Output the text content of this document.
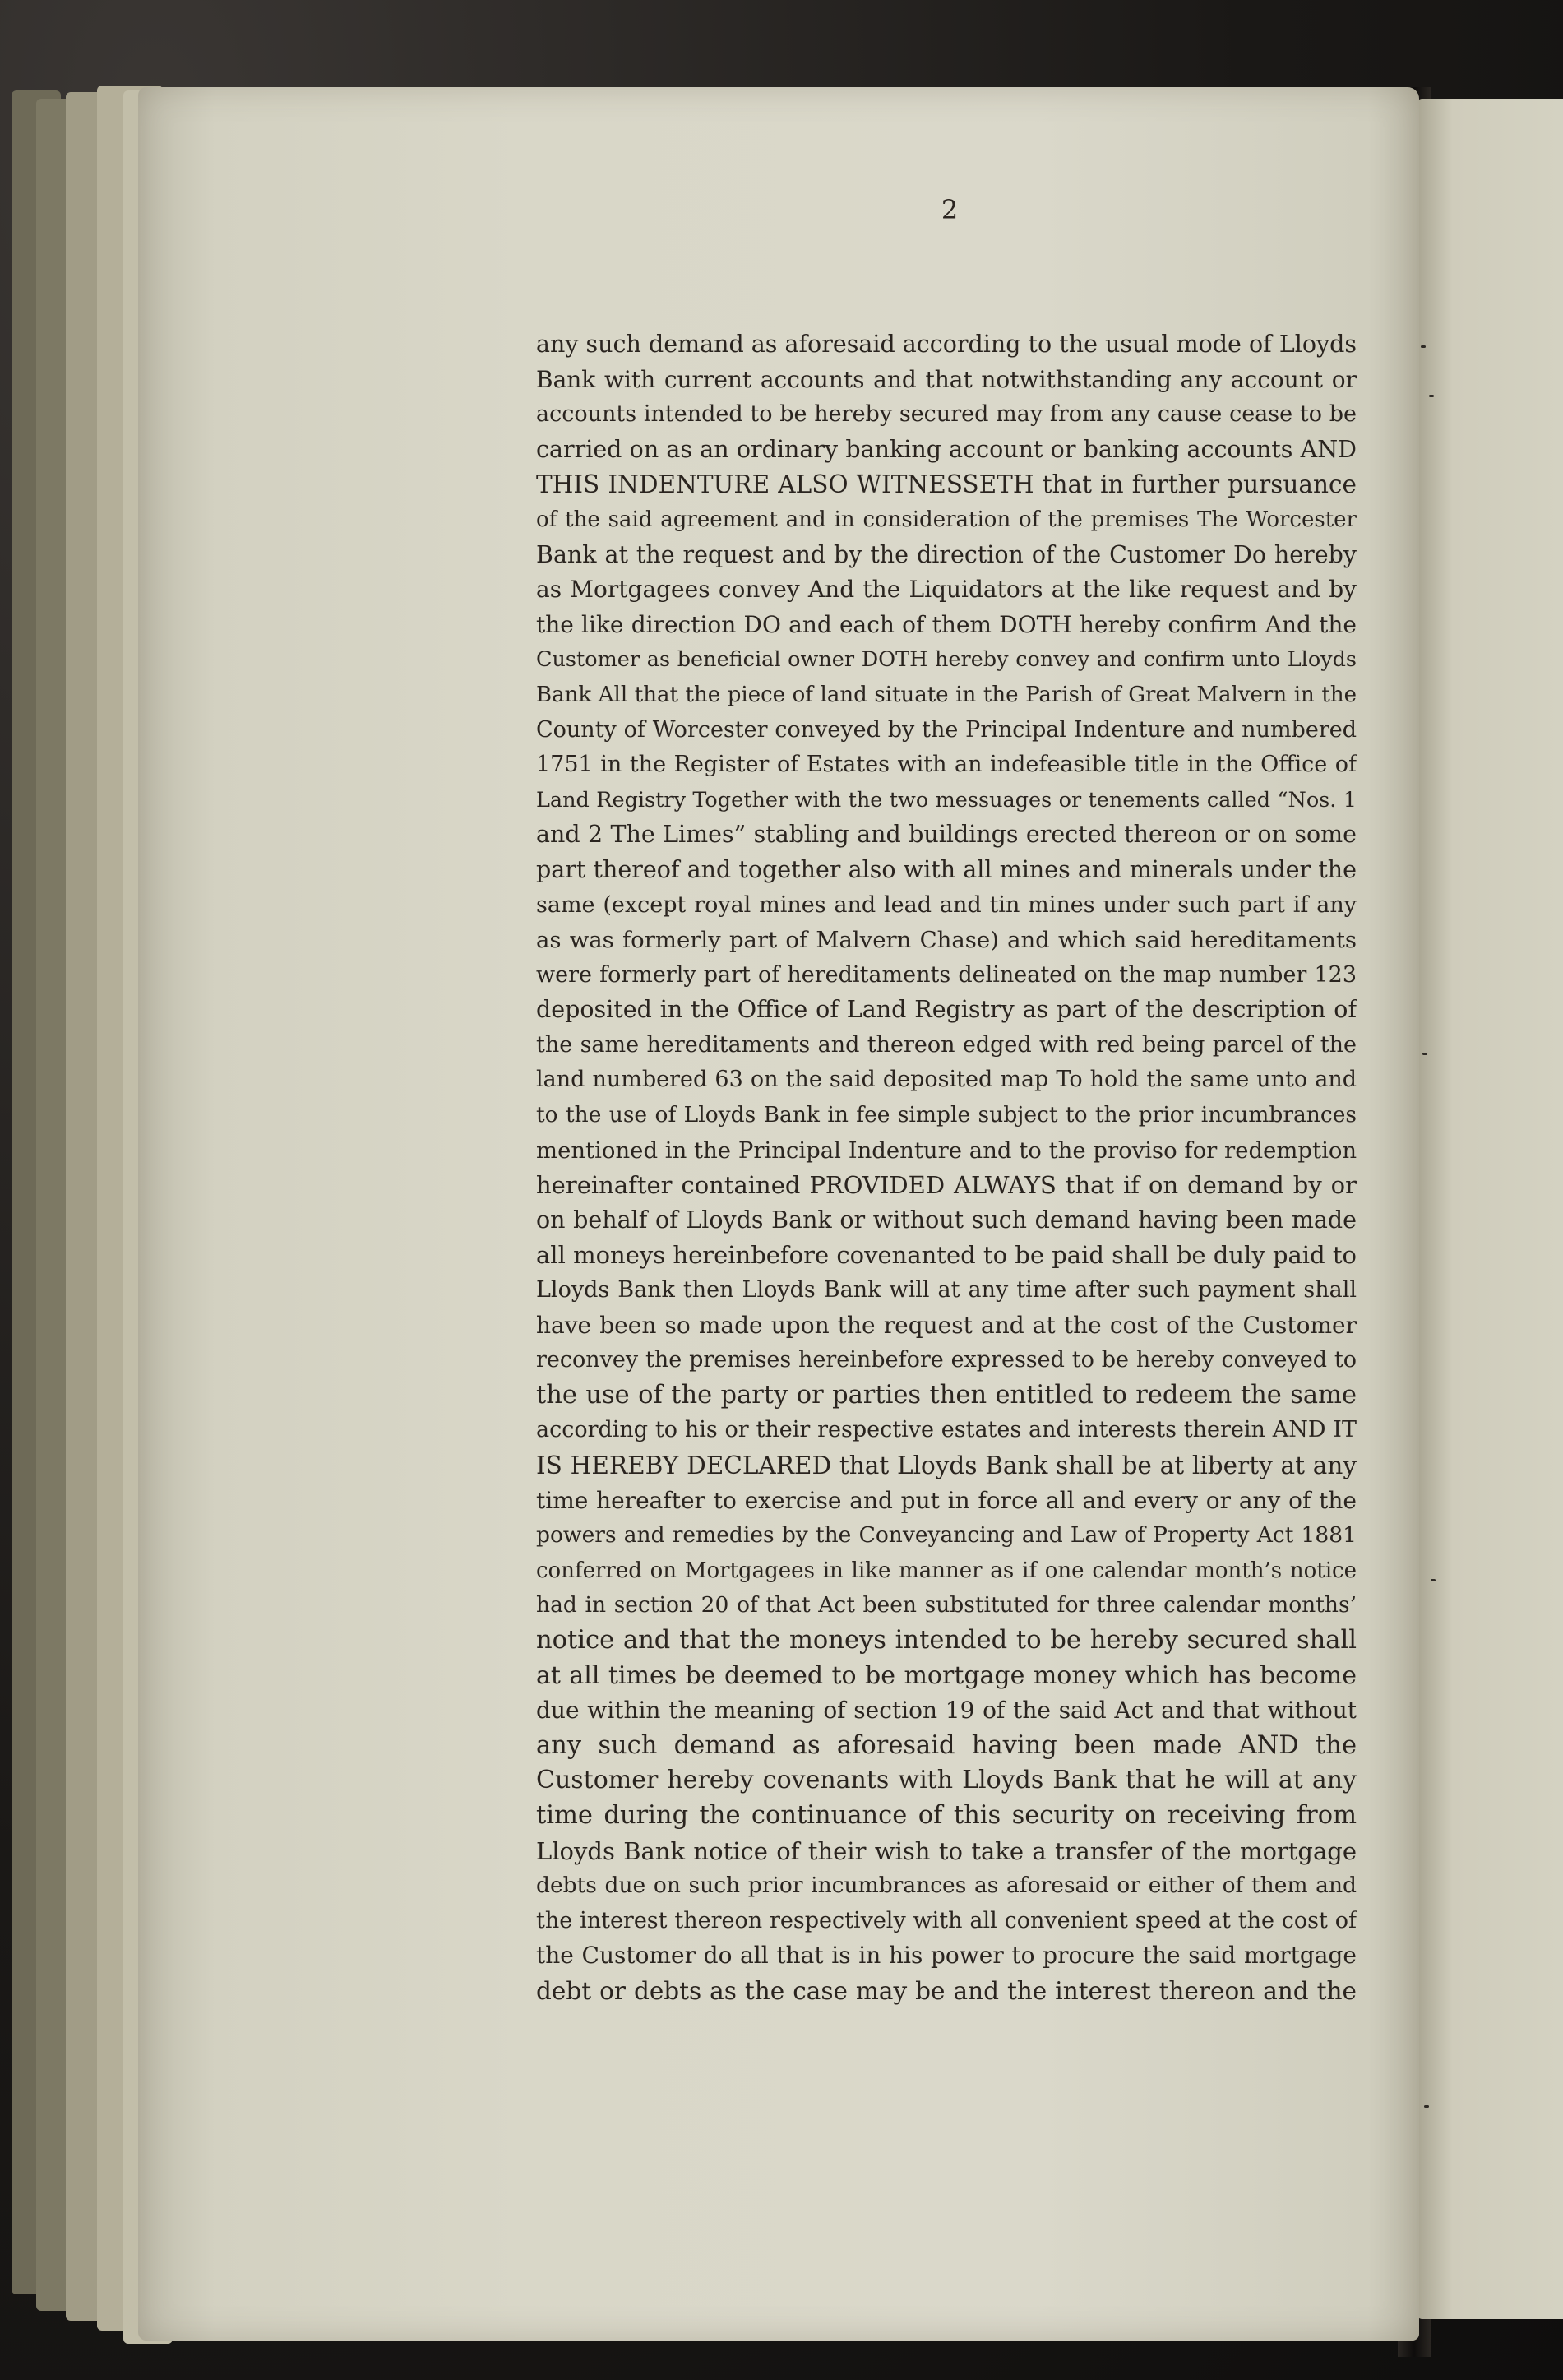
2
any such demand as aforesaid according to the usual mode of Lloyds
Bank with current accounts and that notwithstanding any account or
accounts intended to be hereby secured may from any cause cease to be
carried on as an ordinary banking account or banking accounts AND
THIS INDENTURE ALSO WITNESSETH that in further pursuance
of the said agreement and in consideration of the premises The Worcester
Bank at the request and by the direction of the Customer Do hereby
as Mortgagees convey And the Liquidators at the like request and by
the like direction DO and each of them DOTH hereby confirm And the
Customer as beneficial owner DOTH hereby convey and confirm unto Lloyds
Bank All that the piece of land situate in the Parish of Great Malvern in the
County of Worcester conveyed by the Principal Indenture and numbered
1751 in the Register of Estates with an indefeasible title in the Office of
Land Registry Together with the two messuages or tenements called “Nos. 1
and 2 The Limes” stabling and buildings erected thereon or on some
part thereof and together also with all mines and minerals under the
same (except royal mines and lead and tin mines under such part if any
as was formerly part of Malvern Chase) and which said hereditaments
were formerly part of hereditaments delineated on the map number 123
deposited in the Office of Land Registry as part of the description of
the same hereditaments and thereon edged with red being parcel of the
land numbered 63 on the said deposited map To hold the same unto and
to the use of Lloyds Bank in fee simple subject to the prior incumbrances
mentioned in the Principal Indenture and to the proviso for redemption
hereinafter contained PROVIDED ALWAYS that if on demand by or
on behalf of Lloyds Bank or without such demand having been made
all moneys hereinbefore covenanted to be paid shall be duly paid to
Lloyds Bank then Lloyds Bank will at any time after such payment shall
have been so made upon the request and at the cost of the Customer
reconvey the premises hereinbefore expressed to be hereby conveyed to
the use of the party or parties then entitled to redeem the same
according to his or their respective estates and interests therein AND IT
IS HEREBY DECLARED that Lloyds Bank shall be at liberty at any
time hereafter to exercise and put in force all and every or any of the
powers and remedies by the Conveyancing and Law of Property Act 1881
conferred on Mortgagees in like manner as if one calendar month’s notice
had in section 20 of that Act been substituted for three calendar months’
notice and that the moneys intended to be hereby secured shall
at all times be deemed to be mortgage money which has become
due within the meaning of section 19 of the said Act and that without
any such demand as aforesaid having been made AND the
Customer hereby covenants with Lloyds Bank that he will at any
time during the continuance of this security on receiving from
Lloyds Bank notice of their wish to take a transfer of the mortgage
debts due on such prior incumbrances as aforesaid or either of them and
the interest thereon respectively with all convenient speed at the cost of
the Customer do all that is in his power to procure the said mortgage
debt or debts as the case may be and the interest thereon and the
